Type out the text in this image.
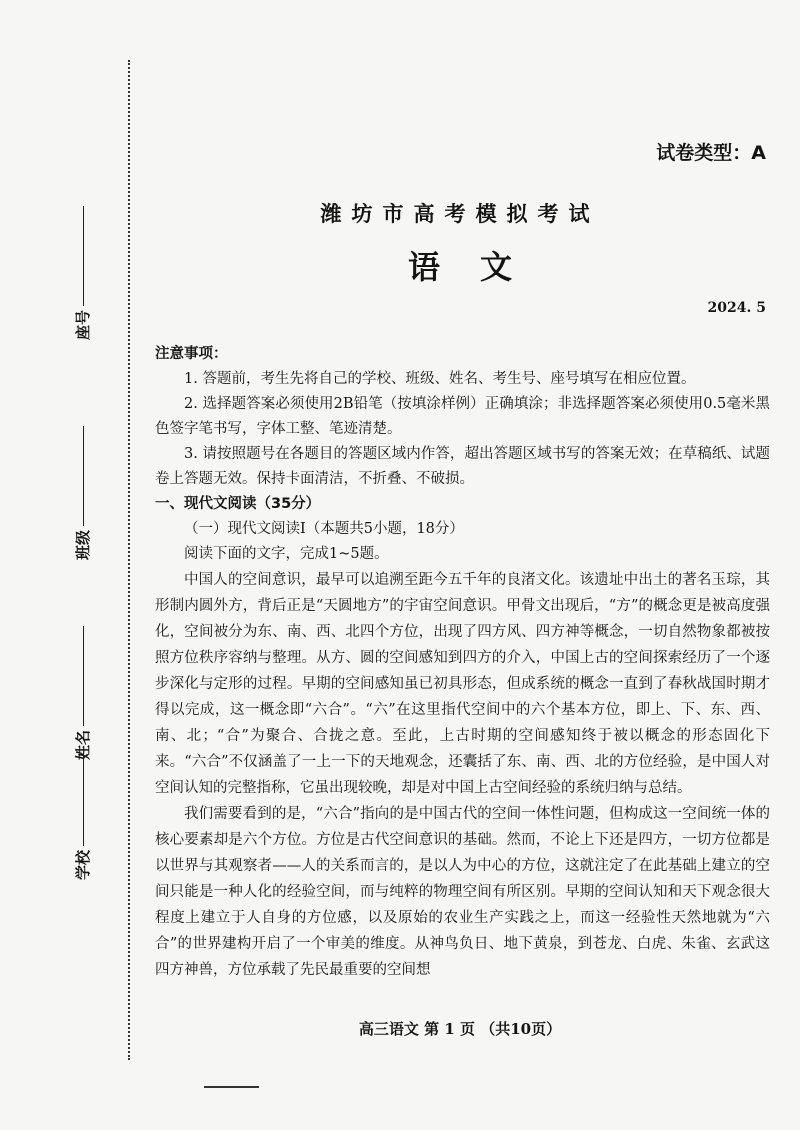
座号
班级
姓名
学校
试卷类型：A
潍坊市高考模拟考试
语文
2024. 5
注意事项：

1. 答题前，考生先将自己的学校、班级、姓名、考生号、座号填写在相应位置。

2. 选择题答案必须使用2B铅笔（按填涂样例）正确填涂；非选择题答案必须使用0.5毫米黑色签字笔书写，字体工整、笔迹清楚。

3. 请按照题号在各题目的答题区域内作答，超出答题区域书写的答案无效；在草稿纸、试题卷上答题无效。保持卡面清洁，不折叠、不破损。

一、现代文阅读（35分）

（一）现代文阅读Ⅰ（本题共5小题，18分）

阅读下面的文字，完成1~5题。

中国人的空间意识，最早可以追溯至距今五千年的良渚文化。该遗址中出土的著名玉琮，其形制内圆外方，背后正是“天圆地方”的宇宙空间意识。甲骨文出现后，“方”的概念更是被高度强化，空间被分为东、南、西、北四个方位，出现了四方风、四方神等概念，一切自然物象都被按照方位秩序容纳与整理。从方、圆的空间感知到四方的介入，中国上古的空间探索经历了一个逐步深化与定形的过程。早期的空间感知虽已初具形态，但成系统的概念一直到了春秋战国时期才得以完成，这一概念即“六合”。“六”在这里指代空间中的六个基本方位，即上、下、东、西、南、北；“合”为聚合、合拢之意。至此，上古时期的空间感知终于被以概念的形态固化下来。“六合”不仅涵盖了一上一下的天地观念，还囊括了东、南、西、北的方位经验，是中国人对空间认知的完整指称，它虽出现较晚，却是对中国上古空间经验的系统归纳与总结。

我们需要看到的是，“六合”指向的是中国古代的空间一体性问题，但构成这一空间统一体的核心要素却是六个方位。方位是古代空间意识的基础。然而，不论上下还是四方，一切方位都是以世界与其观察者——人的关系而言的，是以人为中心的方位，这就注定了在此基础上建立的空间只能是一种人化的经验空间，而与纯粹的物理空间有所区别。早期的空间认知和天下观念很大程度上建立于人自身的方位感，以及原始的农业生产实践之上，而这一经验性天然地就为“六合”的世界建构开启了一个审美的维度。从神鸟负日、地下黄泉，到苍龙、白虎、朱雀、玄武这四方神兽，方位承载了先民最重要的空间想

高三语文 第 1 页 （共10页）
